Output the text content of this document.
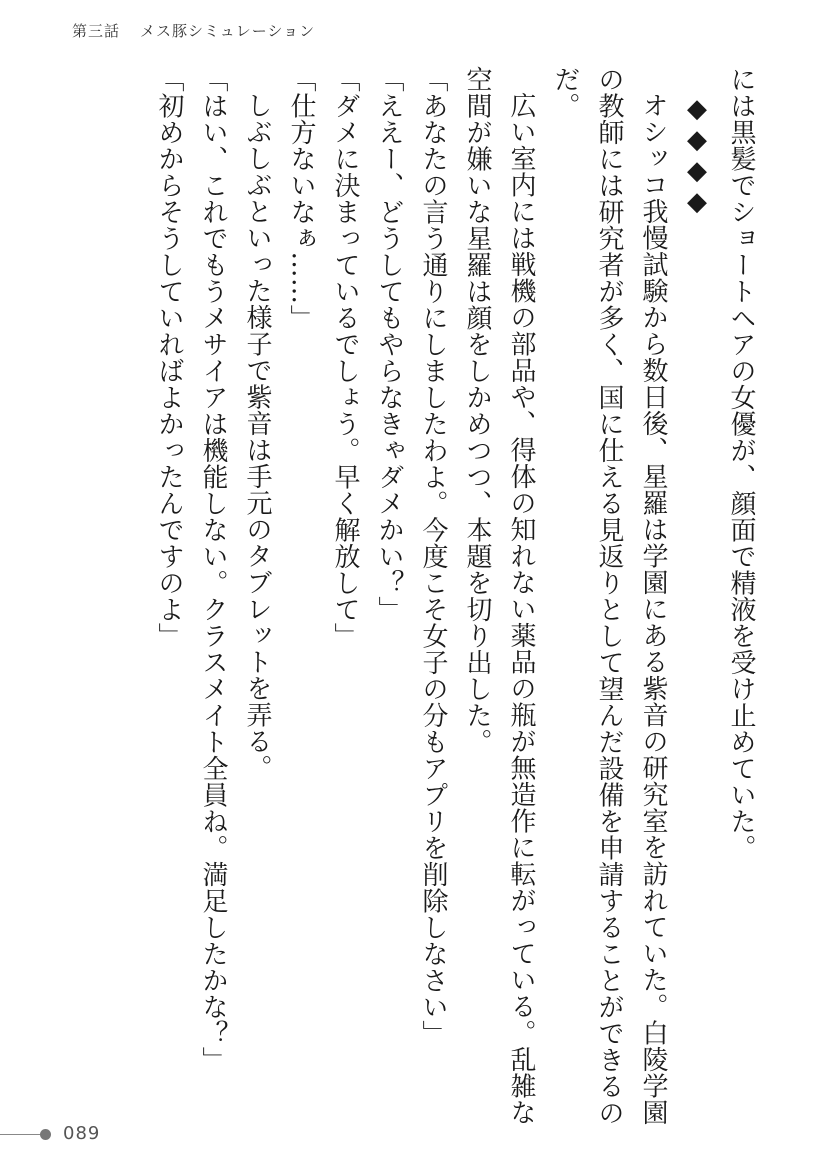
第三話 メス豚シミュレーション
には黒髪でショートヘアの女優が、顔面で精液を受け止めていた。
◆◆◆◆
オシッコ我慢試験から数日後、星羅は学園にある紫音の研究室を訪れていた。白陵学園
の教師には研究者が多く、国に仕える見返りとして望んだ設備を申請することができるの
だ。
広い室内には戦機の部品や、得体の知れない薬品の瓶が無造作に転がっている。乱雑な
空間が嫌いな星羅は顔をしかめつつ、本題を切り出した。
「あなたの言う通りにしましたわよ。今度こそ女子の分もアプリを削除しなさい」
「ええー、どうしてもやらなきゃダメかい？」
「ダメに決まっているでしょう。早く解放して」
「仕方ないなぁ……」
しぶしぶといった様子で紫音は手元のタブレットを弄る。
「はい、これでもうメサイアは機能しない。クラスメイト全員ね。満足したかな？」
「初めからそうしていればよかったんですのよ」
089
